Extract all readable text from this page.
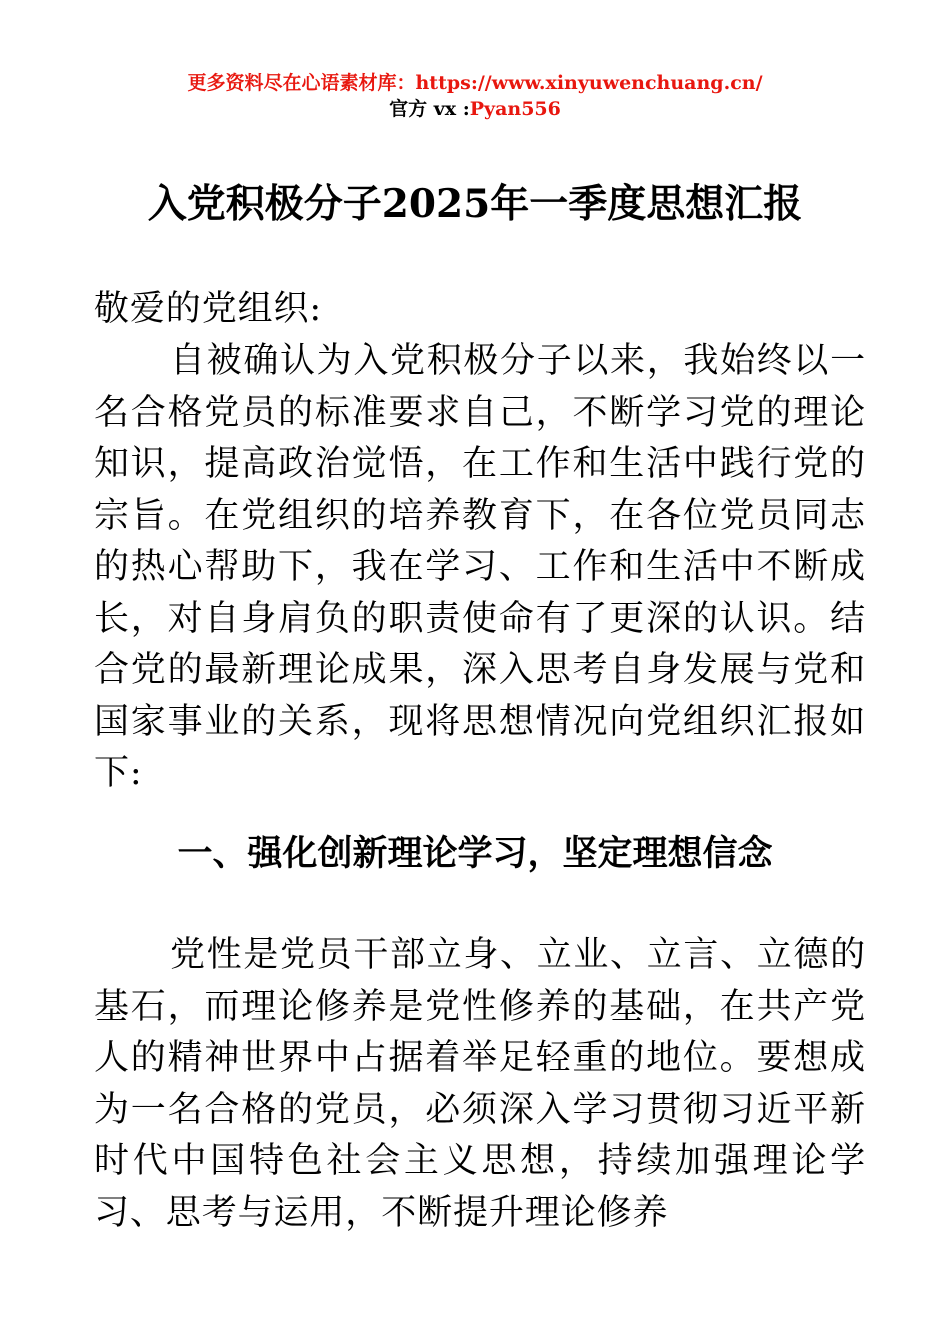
更多资料尽在心语素材库：https://www.xinyuwenchuang.cn/
官方 vx :Pyan556
入党积极分子2025年一季度思想汇报
敬爱的党组织:
自被确认为入党积极分子以来，我始终以一名合格党员的标准要求自己，不断学习党的理论知识，提高政治觉悟，在工作和生活中践行党的宗旨。在党组织的培养教育下，在各位党员同志的热心帮助下，我在学习、工作和生活中不断成长，对自身肩负的职责使命有了更深的认识。结合党的最新理论成果，深入思考自身发展与党和国家事业的关系，现将思想情况向党组织汇报如下:
一、强化创新理论学习，坚定理想信念
党性是党员干部立身、立业、立言、立德的基石，而理论修养是党性修养的基础，在共产党人的精神世界中占据着举足轻重的地位。要想成为一名合格的党员，必须深入学习贯彻习近平新时代中国特色社会主义思想，持续加强理论学习、思考与运用，不断提升理论修养
